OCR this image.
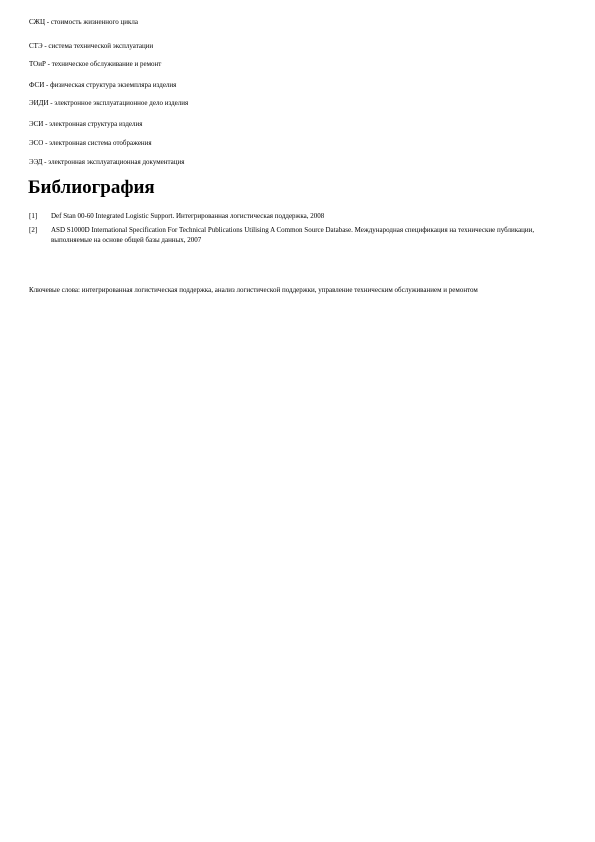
СЖЦ - стоимость жизненного цикла
СТЭ - система технической эксплуатации
ТОиР - техническое обслуживание и ремонт
ФСИ - физическая структура экземпляра изделия
ЭИДИ - электронное эксплуатационное дело изделия
ЭСИ - электронная структура изделия
ЭСО - электронная система отображения
ЭЭД - электронная эксплуатационная документация
Библиография
[1]	Def Stan 00-60 Integrated Logistic Support. Интегрированная логистическая поддержка, 2008
[2]	ASD S1000D International Specification For Technical Publications Utilising A Common Source Database. Международная спецификация на технические публикации, выполняемые на основе общей базы данных, 2007
Ключевые слова: интегрированная логистическая поддержка, анализ логистической поддержки, управление техническим обслуживанием и ремонтом
